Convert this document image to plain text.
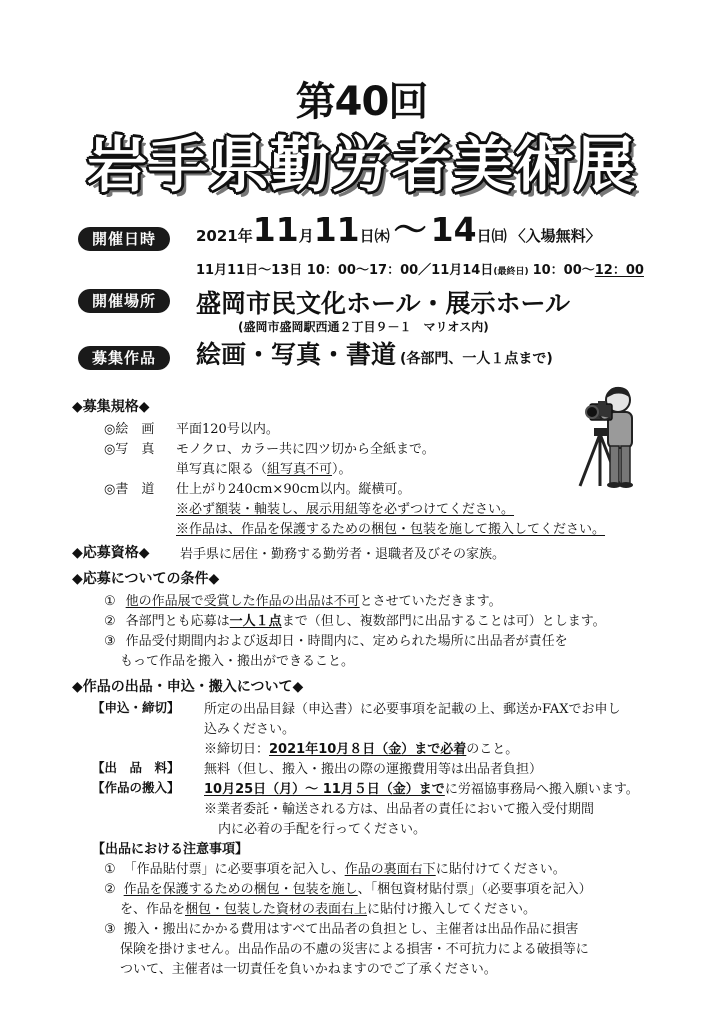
第40回
岩手県勤労者美術展
開催日時	2021年11月11日㈭ 〜 14日㈰ 〈入場無料〉
11月11日〜13日 10：00〜17：00／11月14日(最終日) 10：00〜12：00
開催場所	盛岡市民文化ホール・展示ホール
(盛岡市盛岡駅西通２丁目９－１　マリオス内)
募集作品	絵画・写真・書道 (各部門、一人１点まで)
◆募集規格◆
◎絵　画 平面120号以内。
◎写　真 モノクロ、カラー共に四ツ切から全紙まで。
単写真に限る（組写真不可）。
◎書　道 仕上がり240cm×90cm以内。縦横可。
※必ず額装・軸装し、展示用紐等を必ずつけてください。
※作品は、作品を保護するための梱包・包装を施して搬入してください。
◆応募資格◆ 岩手県に居住・勤務する勤労者・退職者及びその家族。
◆応募についての条件◆
① 他の作品展で受賞した作品の出品は不可とさせていただきます。
② 各部門とも応募は一人１点まで（但し、複数部門に出品することは可）とします。
③ 作品受付期間内および返却日・時間内に、定められた場所に出品者が責任を
もって作品を搬入・搬出ができること。
◆作品の出品・申込・搬入について◆
【申込・締切】 所定の出品目録（申込書）に必要事項を記載の上、郵送かFAXでお申し
込みください。
※締切日：2021年10月８日（金）まで必着のこと。
【出　品　料】 無料（但し、搬入・搬出の際の運搬費用等は出品者負担）
【作品の搬入】 10月25日（月）〜 11月５日（金）までに労福協事務局へ搬入願います。
※業者委託・輸送される方は、出品者の責任において搬入受付期間
内に必着の手配を行ってください。
【出品における注意事項】
① 「作品貼付票」に必要事項を記入し、作品の裏面右下に貼付けてください。
② 作品を保護するための梱包・包装を施し、「梱包資材貼付票」（必要事項を記入）
を、作品を梱包・包装した資材の表面右上に貼付け搬入してください。
③ 搬入・搬出にかかる費用はすべて出品者の負担とし、主催者は出品作品に損害
保険を掛けません。出品作品の不慮の災害による損害・不可抗力による破損等に
ついて、主催者は一切責任を負いかねますのでご了承ください。
